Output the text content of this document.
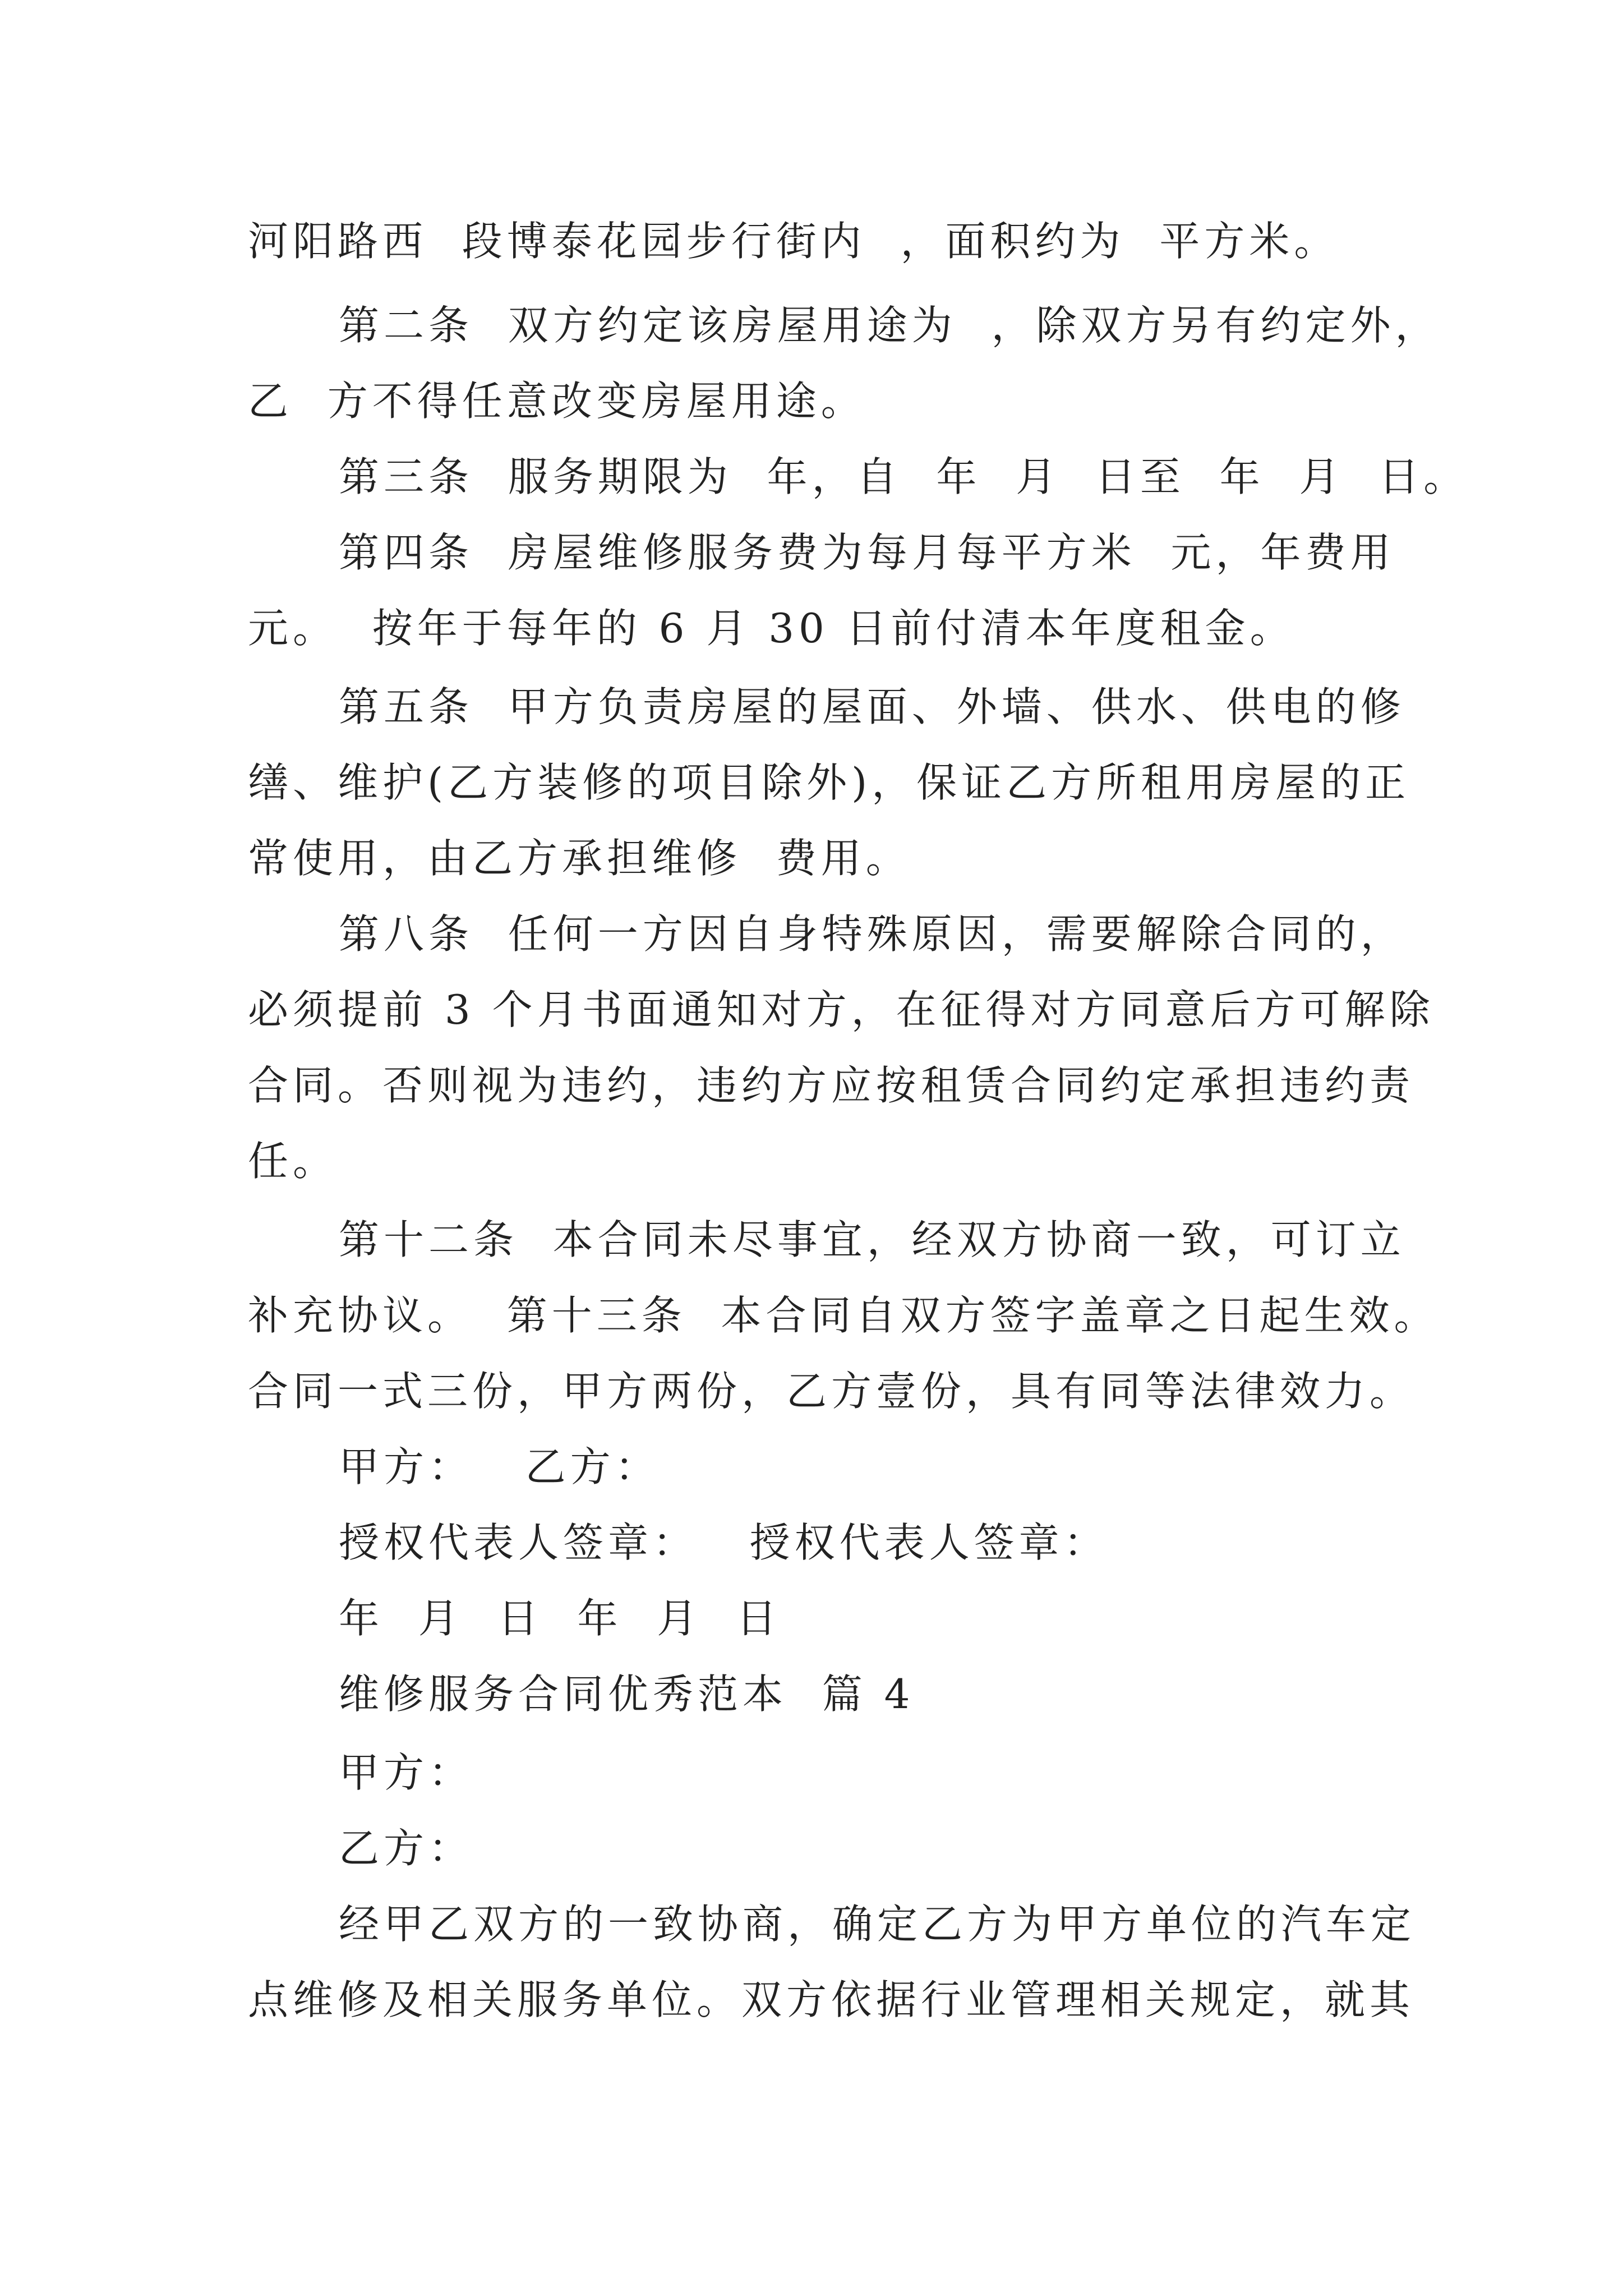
河阳路西  段博泰花园步行街内  ，面积约为  平方米。
第二条  双方约定该房屋用途为  ，除双方另有约定外，
乙  方不得任意改变房屋用途。
第三条  服务期限为  年，自  年  月  日至  年  月  日。
第四条  房屋维修服务费为每月每平方米  元，年费用
元。  按年于每年的 6 月 30 日前付清本年度租金。
第五条  甲方负责房屋的屋面、外墙、供水、供电的修
缮、维护(乙方装修的项目除外)，保证乙方所租用房屋的正
常使用，由乙方承担维修  费用。
第八条  任何一方因自身特殊原因，需要解除合同的，
必须提前 3 个月书面通知对方，在征得对方同意后方可解除
合同。否则视为违约，违约方应按租赁合同约定承担违约责
任。
第十二条  本合同未尽事宜，经双方协商一致，可订立
补充协议。  第十三条  本合同自双方签字盖章之日起生效。
合同一式三份，甲方两份，乙方壹份，具有同等法律效力。
甲方：   乙方：
授权代表人签章：   授权代表人签章：
年  月  日  年  月  日
维修服务合同优秀范本  篇 4
甲方：
乙方：
经甲乙双方的一致协商，确定乙方为甲方单位的汽车定
点维修及相关服务单位。双方依据行业管理相关规定，就其
